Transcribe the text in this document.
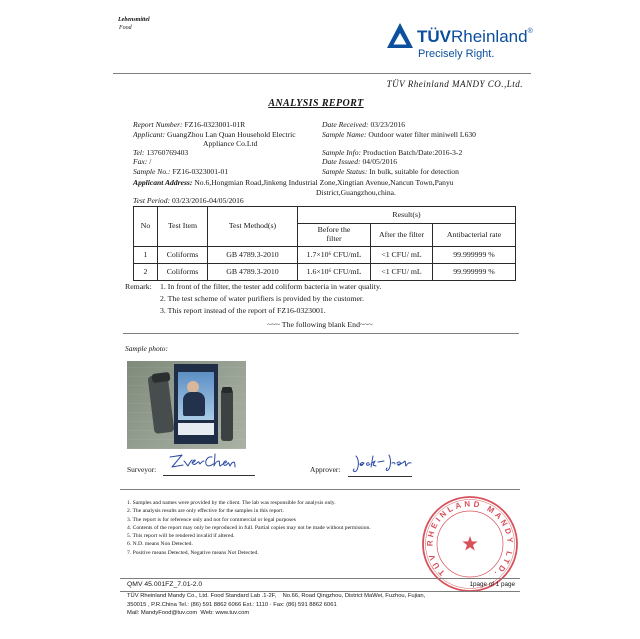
Lebensmittel
Food	TÜVRheinland®
Precisely Right.
TÜV Rheinland MANDY CO.,Ltd.
ANALYSIS REPORT
Report Number: FZ16-0323001-01R
Applicant: GuangZhou Lan Quan Household Electric
Appliance Co.Ltd
Tel: 13760769403
Fax: /
Sample No.: FZ16-0323001-01
Applicant Address: No.6,Hongmian Road,Jinkeng Industrial Zone,Xingtian Avenue,Nancun Town,Panyu
District,Guangzhou,china.
Test Period: 03/23/2016-04/05/2016
Date Received: 03/23/2016
Sample Name: Outdoor water filter miniwell L630
Sample Info: Production Batch/Date:2016-3-2
Date Issued: 04/05/2016
Sample Status: In bulk, suitable for detection
No	Test Item	Test Method(s)	Result(s)		
			Before the filter	After the filter	Antibacterial rate
1	Coliforms	GB 4789.3-2010	1.7×10⁶ CFU/mL	<1 CFU/ mL	99.999999 %
2	Coliforms	GB 4789.3-2010	1.6×10⁶ CFU/mL	<1 CFU/ mL	99.999999 %
Remark: 1. In front of the filter, the tester add coliform bacteria in water quality.
2. The test scheme of water purifiers is provided by the customer.
3. This report instead of the report of FZ16-0323001.
~~~ The following blank End~~~
Sample photo:
Surveyor:	Approver:
1. Samples and names were provided by the client. The lab was responsible for analysis only.
2. The analysis results are only effective for the samples in this report.
3. The report is for reference only and not for commercial or legal purposes
4. Contents of the report may only be reproduced in full. Partial copies may not be made without permission.
5. This report will be rendered invalid if altered.
6. N.D. means Non Detected.
7. Positive means Detected, Negative means Not Detected.
TÜV RHEINLAND MANDY LTD.
QMV 45.001FZ_7.01-2.0	1page of 1 page
TÜV Rheinland Mandy Co., Ltd. Food Standard Lab .1-2F,    No.66, Road Qingzhou, District MaWei, Fuzhou, Fujian,
350015 , P.R.China Tel.: (86) 591 8862 6066 Ext.: 1110 · Fax: (86) 591 8862 6061
Mail: MandyFood@tuv.com  Web: www.tuv.com
